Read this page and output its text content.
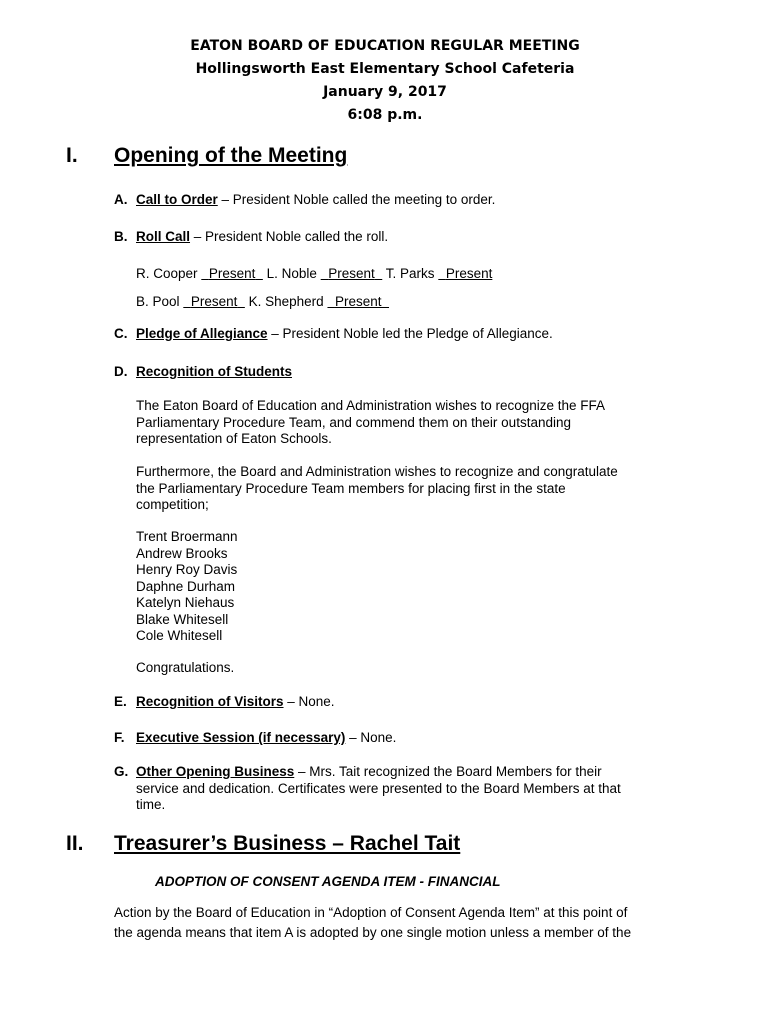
EATON BOARD OF EDUCATION REGULAR MEETING
Hollingsworth East Elementary School Cafeteria
January 9, 2017
6:08 p.m.
I. Opening of the Meeting
A. Call to Order – President Noble called the meeting to order.
B. Roll Call – President Noble called the roll.
R. Cooper Present L. Noble Present T. Parks Present
B. Pool Present K. Shepherd Present
C. Pledge of Allegiance – President Noble led the Pledge of Allegiance.
D. Recognition of Students
The Eaton Board of Education and Administration wishes to recognize the FFA
Parliamentary Procedure Team, and commend them on their outstanding
representation of Eaton Schools.
Furthermore, the Board and Administration wishes to recognize and congratulate
the Parliamentary Procedure Team members for placing first in the state
competition;
Trent Broermann
Andrew Brooks
Henry Roy Davis
Daphne Durham
Katelyn Niehaus
Blake Whitesell
Cole Whitesell
Congratulations.
E. Recognition of Visitors – None.
F. Executive Session (if necessary) – None.
G. Other Opening Business – Mrs. Tait recognized the Board Members for their
service and dedication. Certificates were presented to the Board Members at that
time.
II. Treasurer’s Business – Rachel Tait
ADOPTION OF CONSENT AGENDA ITEM - FINANCIAL
Action by the Board of Education in “Adoption of Consent Agenda Item” at this point of
the agenda means that item A is adopted by one single motion unless a member of the
